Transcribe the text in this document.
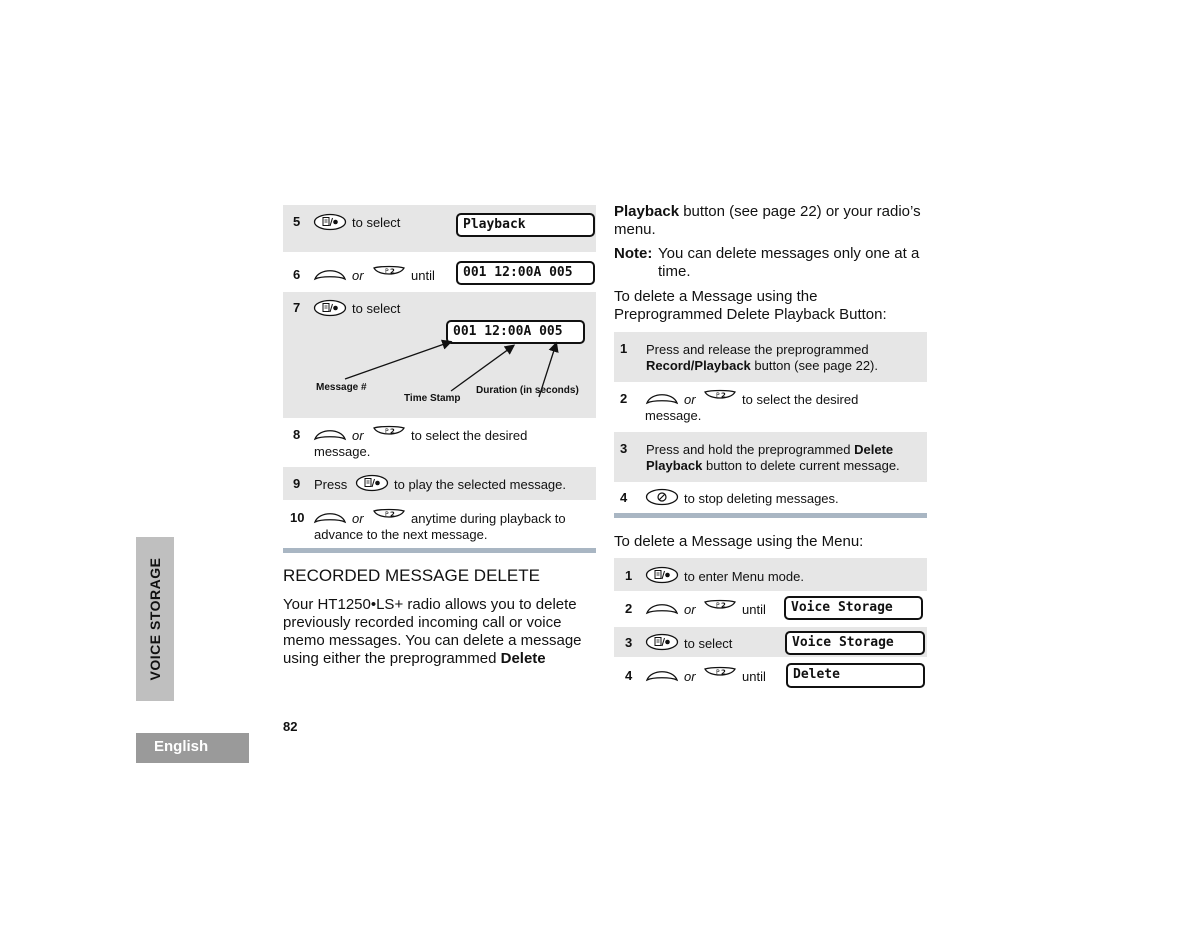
5	to select	Playback
6	or	until	001 12:00A 005
7	to select
001 12:00A 005
Message #
Time Stamp
Duration (in seconds)
8	or	to select the desired
message.
9 Press	to play the selected message.
10	or	anytime during playback to
advance to the next message.
RECORDED MESSAGE DELETE
Your HT1250•LS+ radio allows you to delete
previously recorded incoming call or voice
memo messages. You can delete a message
using either the preprogrammed Delete
Playback button (see page 22) or your radio’s
menu.
Note: You can delete messages only one at a
time.
To delete a Message using the
Preprogrammed Delete Playback Button:
1 Press and release the preprogrammed
Record/Playback button (see page 22).
2	or	to select the desired
message.
3 Press and hold the preprogrammed Delete
Playback button to delete current message.
4	to stop deleting messages.
To delete a Message using the Menu:
1	to enter Menu mode.
2	or	until	Voice Storage
3	to select	Voice Storage
4	or	until	Delete
VOICE STORAGE
English
82
